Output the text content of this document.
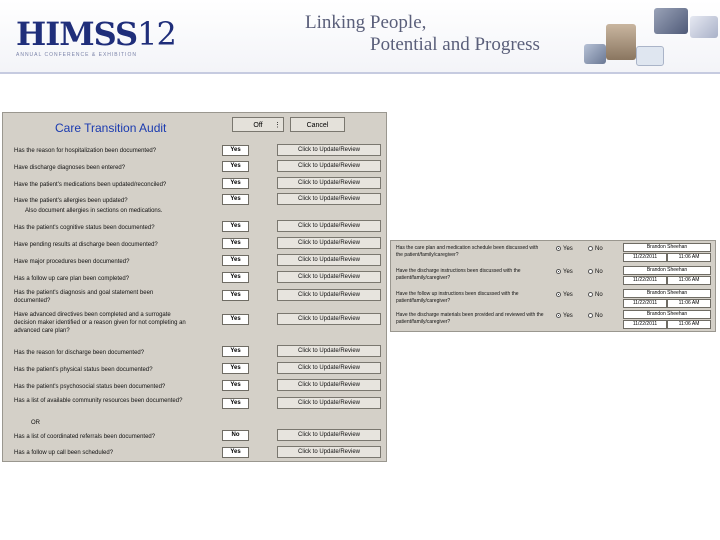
HIMSS12
ANNUAL CONFERENCE & EXHIBITION
Linking People,
Potential and Progress
Care Transition Audit	Off ⋮	Cancel
Has the reason for hospitalization been documented?	Yes	Click to Update/Review
Have discharge diagnoses been entered?	Yes	Click to Update/Review
Have the patient's medications been updated/reconciled?	Yes	Click to Update/Review
Have the patient's allergies been updated?
Also document allergies in sections on medications.
Yes	Click to Update/Review
Has the patient's cognitive status been documented?	Yes	Click to Update/Review
Have pending results at discharge been documented?	Yes	Click to Update/Review
Have major procedures been documented?	Yes	Click to Update/Review
Has a follow up care plan been completed?	Yes	Click to Update/Review
Has the patient's diagnosis and goal statement been documented?
Yes	Click to Update/Review
Have advanced directives been completed and a surrogate decision maker identified or a reason given for not completing an advanced care plan?
Yes	Click to Update/Review
Has the reason for discharge been documented?	Yes	Click to Update/Review
Has the patient's physical status been documented?	Yes	Click to Update/Review
Has the patient's psychosocial status been documented?	Yes	Click to Update/Review
Has a list of available community resources been documented?	Yes	Click to Update/Review
OR
Has a list of coordinated referrals been documented?	No	Click to Update/Review
Has a follow up call been scheduled?	Yes	Click to Update/Review
Has the care plan and medication schedule been discussed with the patient/family/caregiver?
Yes	No	Brandon Sheehan
11/22/2011	11:06 AM
Have the discharge instructions been discussed with the patient/family/caregiver?
Yes	No	Brandon Sheehan
11/22/2011	11:06 AM
Have the follow up instructions been discussed with the patient/family/caregiver?
Yes	No	Brandon Sheehan
11/22/2011	11:06 AM
Have the discharge materials been provided and reviewed with the patient/family/caregiver?
Yes	No	Brandon Sheehan
11/22/2011	11:06 AM
